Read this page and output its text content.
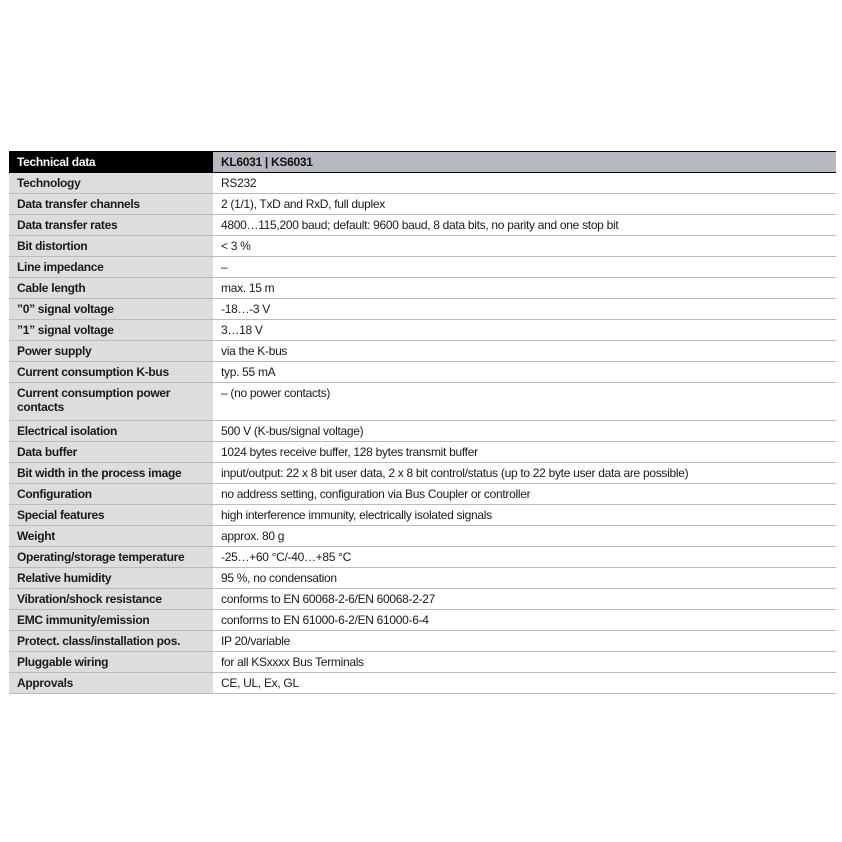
Technical data	KL6031 | KS6031
Technology	RS232
Data transfer channels	2 (1/1), TxD and RxD, full duplex
Data transfer rates	4800…115,200 baud; default: 9600 baud, 8 data bits, no parity and one stop bit
Bit distortion	< 3 %
Line impedance	–
Cable length	max. 15 m
”0” signal voltage	-18…-3 V
”1” signal voltage	3…18 V
Power supply	via the K-bus
Current consumption K-bus	typ. 55 mA
Current consumption power contacts	– (no power contacts)
Electrical isolation	500 V (K-bus/signal voltage)
Data buffer	1024 bytes receive buffer, 128 bytes transmit buffer
Bit width in the process image	input/output: 22 x 8 bit user data, 2 x 8 bit control/status (up to 22 byte user data are possible)
Configuration	no address setting, configuration via Bus Coupler or controller
Special features	high interference immunity, electrically isolated signals
Weight	approx. 80 g
Operating/storage temperature	-25…+60 °C/-40…+85 °C
Relative humidity	95 %, no condensation
Vibration/shock resistance	conforms to EN 60068-2-6/EN 60068-2-27
EMC immunity/emission	conforms to EN 61000-6-2/EN 61000-6-4
Protect. class/installation pos.	IP 20/variable
Pluggable wiring	for all KSxxxx Bus Terminals
Approvals	CE, UL, Ex, GL
